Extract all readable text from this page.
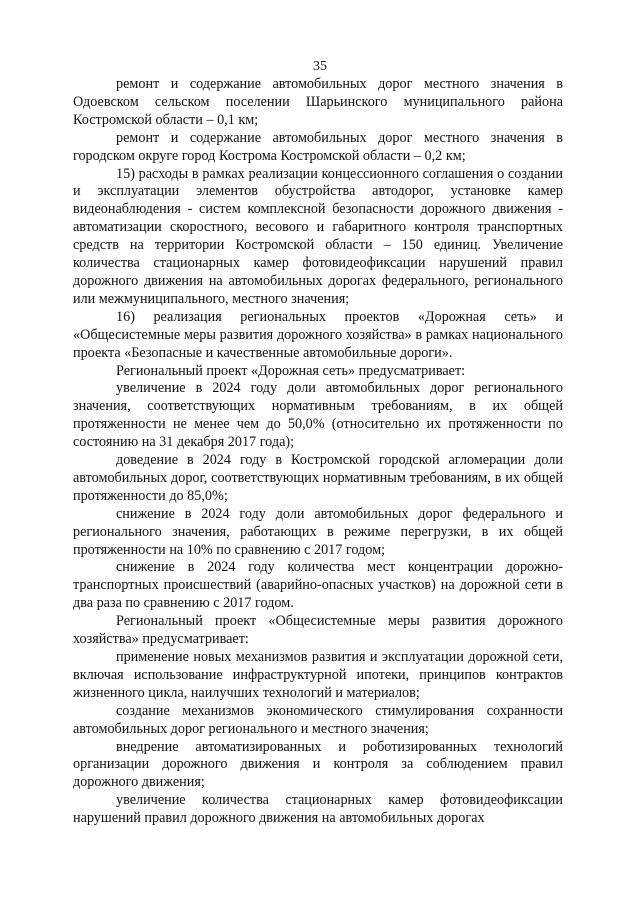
35

ремонт и содержание автомобильных дорог местного значения в Одоевском сельском поселении Шарьинского муниципального района Костромской области – 0,1 км;

ремонт и содержание автомобильных дорог местного значения в городском округе город Кострома Костромской области – 0,2 км;

15) расходы в рамках реализации концессионного соглашения о создании и эксплуатации элементов обустройства автодорог, установке камер видеонаблюдения - систем комплексной безопасности дорожного движения - автоматизации скоростного, весового и габаритного контроля транспортных средств на территории Костромской области – 150 единиц. Увеличение количества стационарных камер фотовидеофиксации нарушений правил дорожного движения на автомобильных дорогах федерального, регионального или межмуниципального, местного значения;

16) реализация региональных проектов «Дорожная сеть» и «Общесистемные меры развития дорожного хозяйства» в рамках национального проекта «Безопасные и качественные автомобильные дороги».

Региональный проект «Дорожная сеть» предусматривает:

увеличение в 2024 году доли автомобильных дорог регионального значения, соответствующих нормативным требованиям, в их общей протяженности не менее чем до 50,0% (относительно их протяженности по состоянию на 31 декабря 2017 года);

доведение в 2024 году в Костромской городской агломерации доли автомобильных дорог, соответствующих нормативным требованиям, в их общей протяженности до 85,0%;

снижение в 2024 году доли автомобильных дорог федерального и регионального значения, работающих в режиме перегрузки, в их общей протяженности на 10% по сравнению с 2017 годом;

снижение в 2024 году количества мест концентрации дорожно-транспортных происшествий (аварийно-опасных участков) на дорожной сети в два раза по сравнению с 2017 годом.

Региональный проект «Общесистемные меры развития дорожного хозяйства» предусматривает:

применение новых механизмов развития и эксплуатации дорожной сети, включая использование инфраструктурной ипотеки, принципов контрактов жизненного цикла, наилучших технологий и материалов;

создание механизмов экономического стимулирования сохранности автомобильных дорог регионального и местного значения;

внедрение автоматизированных и роботизированных технологий организации дорожного движения и контроля за соблюдением правил дорожного движения;

увеличение количества стационарных камер фотовидеофиксации нарушений правил дорожного движения на автомобильных дорогах
